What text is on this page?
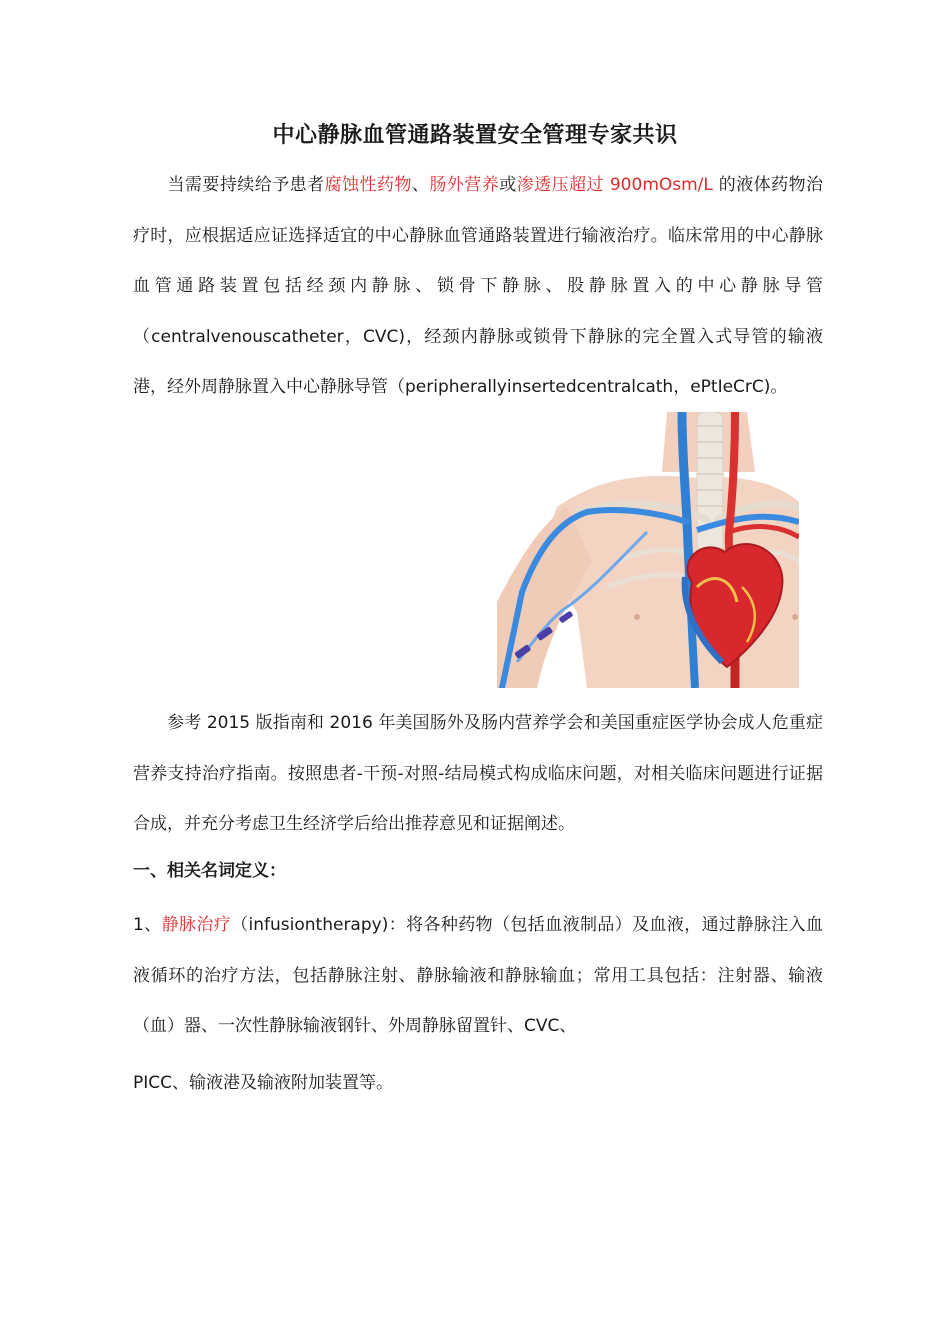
中心静脉血管通路装置安全管理专家共识

当需要持续给予患者腐蚀性药物、肠外营养或渗透压超过 900mOsm/L 的液体药物治疗时，应根据适应证选择适宜的中心静脉血管通路装置进行输液治疗。临床常用的中心静脉血管通路装置包括经颈内静脉、锁骨下静脉、股静脉置入的中心静脉导管（centralvenouscatheter，CVC)，经颈内静脉或锁骨下静脉的完全置入式导管的输液港，经外周静脉置入中心静脉导管（peripherallyinsertedcentralcath，ePtIeCrC)。

参考 2015 版指南和 2016 年美国肠外及肠内营养学会和美国重症医学协会成人危重症营养支持治疗指南。按照患者-干预-对照-结局模式构成临床问题，对相关临床问题进行证据合成，并充分考虑卫生经济学后给出推荐意见和证据阐述。

一、相关名词定义：

1、静脉治疗（infusiontherapy)：将各种药物（包括血液制品）及血液，通过静脉注入血液循环的治疗方法，包括静脉注射、静脉输液和静脉输血；常用工具包括：注射器、输液（血）器、一次性静脉输液钢针、外周静脉留置针、CVC、

PICC、输液港及输液附加装置等。
